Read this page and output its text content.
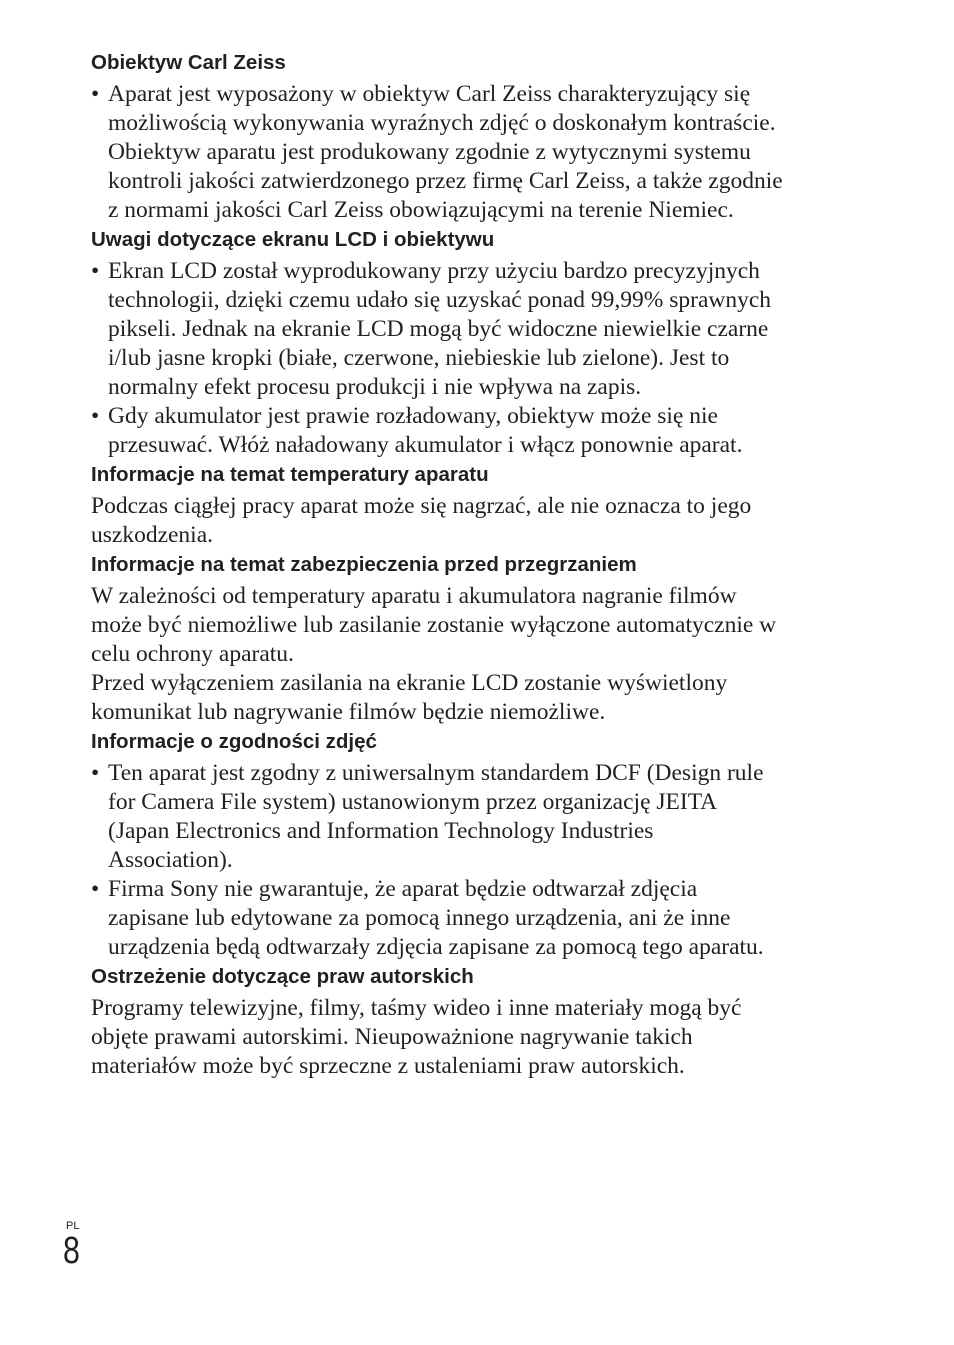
Obiektyw Carl Zeiss
• Aparat jest wyposażony w obiektyw Carl Zeiss charakteryzujący się
możliwością wykonywania wyraźnych zdjęć o doskonałym kontraście.
Obiektyw aparatu jest produkowany zgodnie z wytycznymi systemu
kontroli jakości zatwierdzonego przez firmę Carl Zeiss, a także zgodnie
z normami jakości Carl Zeiss obowiązującymi na terenie Niemiec.
Uwagi dotyczące ekranu LCD i obiektywu
• Ekran LCD został wyprodukowany przy użyciu bardzo precyzyjnych
technologii, dzięki czemu udało się uzyskać ponad 99,99% sprawnych
pikseli. Jednak na ekranie LCD mogą być widoczne niewielkie czarne
i/lub jasne kropki (białe, czerwone, niebieskie lub zielone). Jest to
normalny efekt procesu produkcji i nie wpływa na zapis.
• Gdy akumulator jest prawie rozładowany, obiektyw może się nie
przesuwać. Włóż naładowany akumulator i włącz ponownie aparat.
Informacje na temat temperatury aparatu
Podczas ciągłej pracy aparat może się nagrzać, ale nie oznacza to jego
uszkodzenia.
Informacje na temat zabezpieczenia przed przegrzaniem
W zależności od temperatury aparatu i akumulatora nagranie filmów
może być niemożliwe lub zasilanie zostanie wyłączone automatycznie w
celu ochrony aparatu.
Przed wyłączeniem zasilania na ekranie LCD zostanie wyświetlony
komunikat lub nagrywanie filmów będzie niemożliwe.
Informacje o zgodności zdjęć
• Ten aparat jest zgodny z uniwersalnym standardem DCF (Design rule
for Camera File system) ustanowionym przez organizację JEITA
(Japan Electronics and Information Technology Industries
Association).
• Firma Sony nie gwarantuje, że aparat będzie odtwarzał zdjęcia
zapisane lub edytowane za pomocą innego urządzenia, ani że inne
urządzenia będą odtwarzały zdjęcia zapisane za pomocą tego aparatu.
Ostrzeżenie dotyczące praw autorskich
Programy telewizyjne, filmy, taśmy wideo i inne materiały mogą być
objęte prawami autorskimi. Nieupoważnione nagrywanie takich
materiałów może być sprzeczne z ustaleniami praw autorskich.
PL
8
